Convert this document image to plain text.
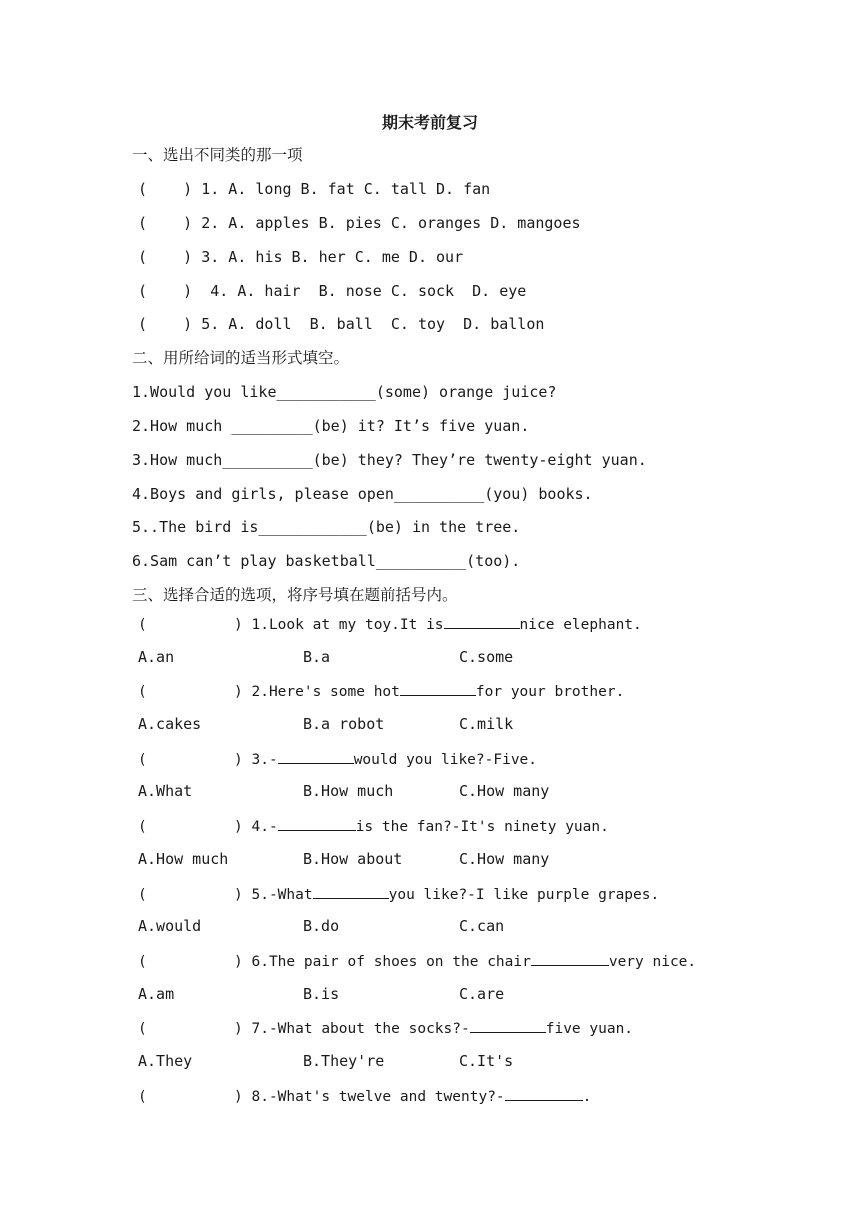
期末考前复习
一、选出不同类的那一项
(    ) 1. A. long B. fat C. tall D. fan
(    ) 2. A. apples B. pies C. oranges D. mangoes
(    ) 3. A. his B. her C. me D. our
(    )  4. A. hair  B. nose C. sock  D. eye
(    ) 5. A. doll  B. ball  C. toy  D. ballon
二、用所给词的适当形式填空。
1.Would you like___________(some) orange juice?
2.How much _________(be) it? It’s five yuan.
3.How much__________(be) they? They’re twenty-eight yuan.
4.Boys and girls, please open__________(you) books.
5..The bird is____________(be) in the tree.
6.Sam can’t play basketball__________(too).
三、选择合适的选项，将序号填在题前括号内。
(          ) 1.Look at my toy.It is	nice elephant.
A.an	B.a	C.some
(          ) 2.Here's some hot	for your brother.
A.cakes	B.a robot	C.milk
(          ) 3.-	would you like?-Five.
A.What	B.How much	C.How many
(          ) 4.-	is the fan?-It's ninety yuan.
A.How much	B.How about	C.How many
(          ) 5.-What	you like?-I like purple grapes.
A.would	B.do	C.can
(          ) 6.The pair of shoes on the chair	very nice.
A.am	B.is	C.are
(          ) 7.-What about the socks?-	five yuan.
A.They	B.They're	C.It's
(          ) 8.-What's twelve and twenty?-	.
